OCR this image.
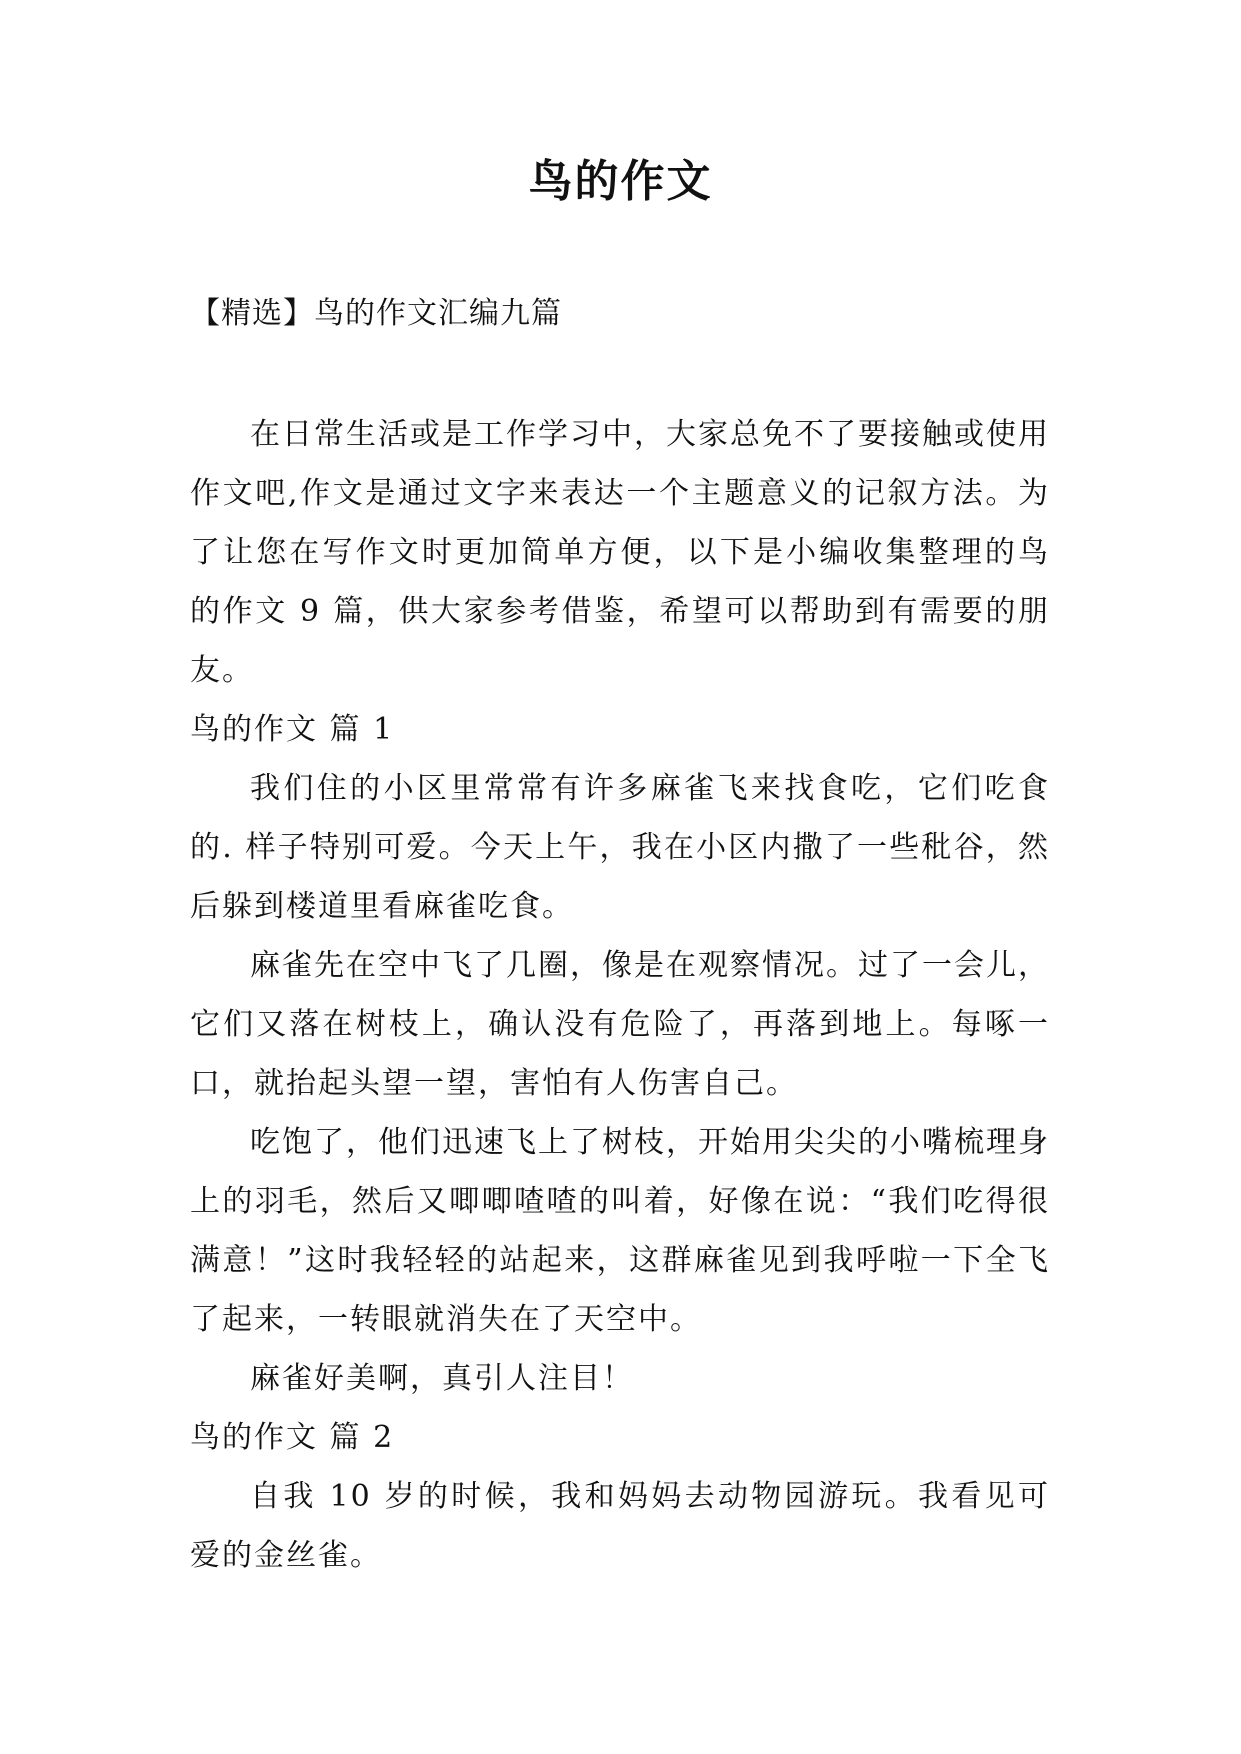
鸟的作文

【精选】鸟的作文汇编九篇

在日常生活或是工作学习中，大家总免不了要接触或使用作文吧,作文是通过文字来表达一个主题意义的记叙方法。为了让您在写作文时更加简单方便，以下是小编收集整理的鸟的作文 9 篇，供大家参考借鉴，希望可以帮助到有需要的朋友。

鸟的作文 篇 1

我们住的小区里常常有许多麻雀飞来找食吃，它们吃食的. 样子特别可爱。今天上午，我在小区内撒了一些秕谷，然后躲到楼道里看麻雀吃食。

麻雀先在空中飞了几圈，像是在观察情况。过了一会儿，它们又落在树枝上，确认没有危险了，再落到地上。每啄一口，就抬起头望一望，害怕有人伤害自己。

吃饱了，他们迅速飞上了树枝，开始用尖尖的小嘴梳理身上的羽毛，然后又唧唧喳喳的叫着，好像在说：“我们吃得很满意！”这时我轻轻的站起来，这群麻雀见到我呼啦一下全飞了起来，一转眼就消失在了天空中。

麻雀好美啊，真引人注目！

鸟的作文 篇 2

自我 10 岁的时候，我和妈妈去动物园游玩。我看见可爱的金丝雀。
